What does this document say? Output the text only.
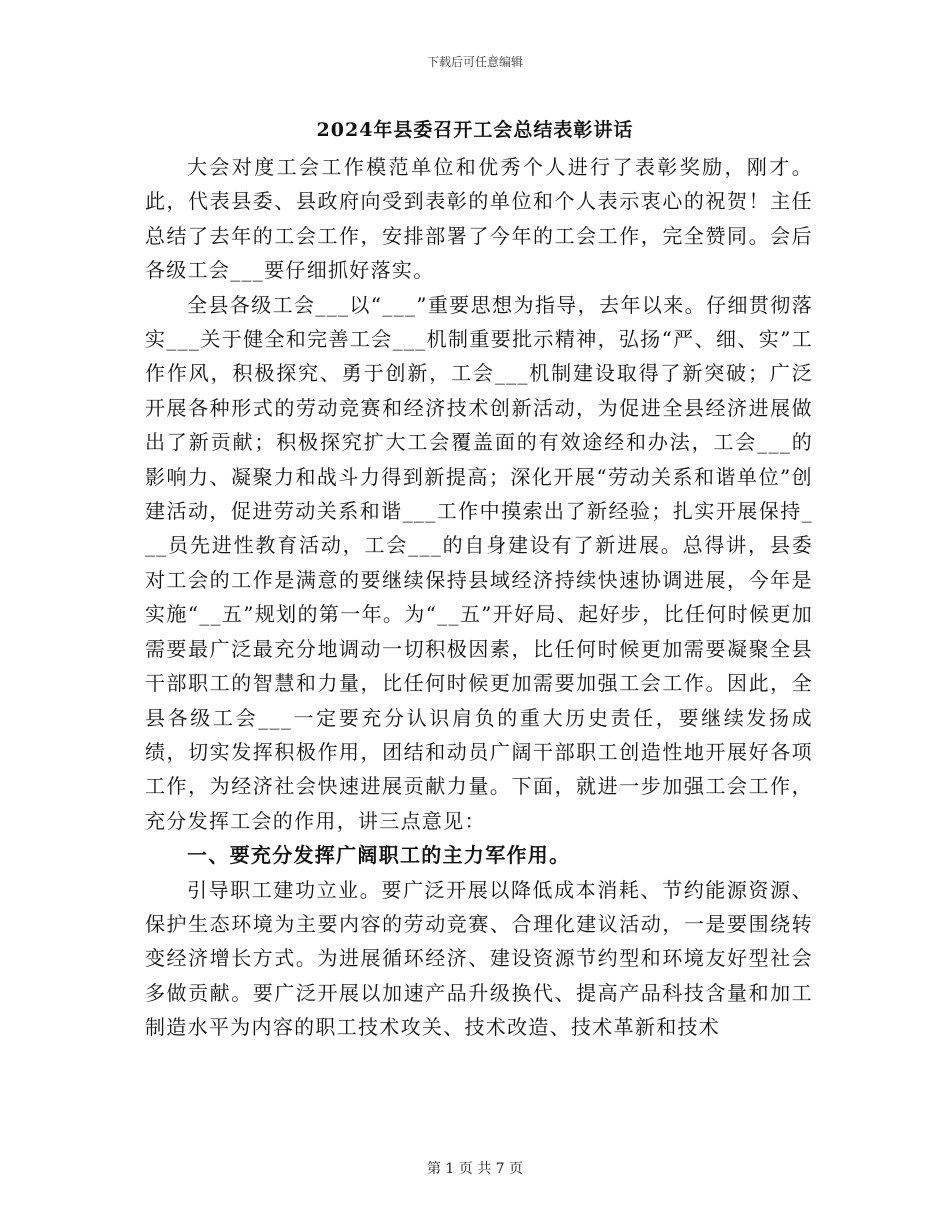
下载后可任意编辑
2024年县委召开工会总结表彰讲话

大会对度工会工作模范单位和优秀个人进行了表彰奖励，刚才。此，代表县委、县政府向受到表彰的单位和个人表示衷心的祝贺！主任总结了去年的工会工作，安排部署了今年的工会工作，完全赞同。会后各级工会___要仔细抓好落实。

全县各级工会___以“___”重要思想为指导，去年以来。仔细贯彻落实___关于健全和完善工会___机制重要批示精神，弘扬“严、细、实”工作作风，积极探究、勇于创新，工会___机制建设取得了新突破；广泛开展各种形式的劳动竞赛和经济技术创新活动，为促进全县经济进展做出了新贡献；积极探究扩大工会覆盖面的有效途经和办法，工会___的影响力、凝聚力和战斗力得到新提高；深化开展“劳动关系和谐单位”创建活动，促进劳动关系和谐___工作中摸索出了新经验；扎实开展保持___员先进性教育活动，工会___的自身建设有了新进展。总得讲，县委对工会的工作是满意的要继续保持县域经济持续快速协调进展，今年是实施“__五”规划的第一年。为“__五”开好局、起好步，比任何时候更加需要最广泛最充分地调动一切积极因素，比任何时候更加需要凝聚全县干部职工的智慧和力量，比任何时候更加需要加强工会工作。因此，全县各级工会___一定要充分认识肩负的重大历史责任，要继续发扬成绩，切实发挥积极作用，团结和动员广阔干部职工创造性地开展好各项工作，为经济社会快速进展贡献力量。下面，就进一步加强工会工作，充分发挥工会的作用，讲三点意见：

一、要充分发挥广阔职工的主力军作用。

引导职工建功立业。要广泛开展以降低成本消耗、节约能源资源、保护生态环境为主要内容的劳动竞赛、合理化建议活动，一是要围绕转变经济增长方式。为进展循环经济、建设资源节约型和环境友好型社会多做贡献。要广泛开展以加速产品升级换代、提高产品科技含量和加工制造水平为内容的职工技术攻关、技术改造、技术革新和技术

第 1 页 共 7 页
